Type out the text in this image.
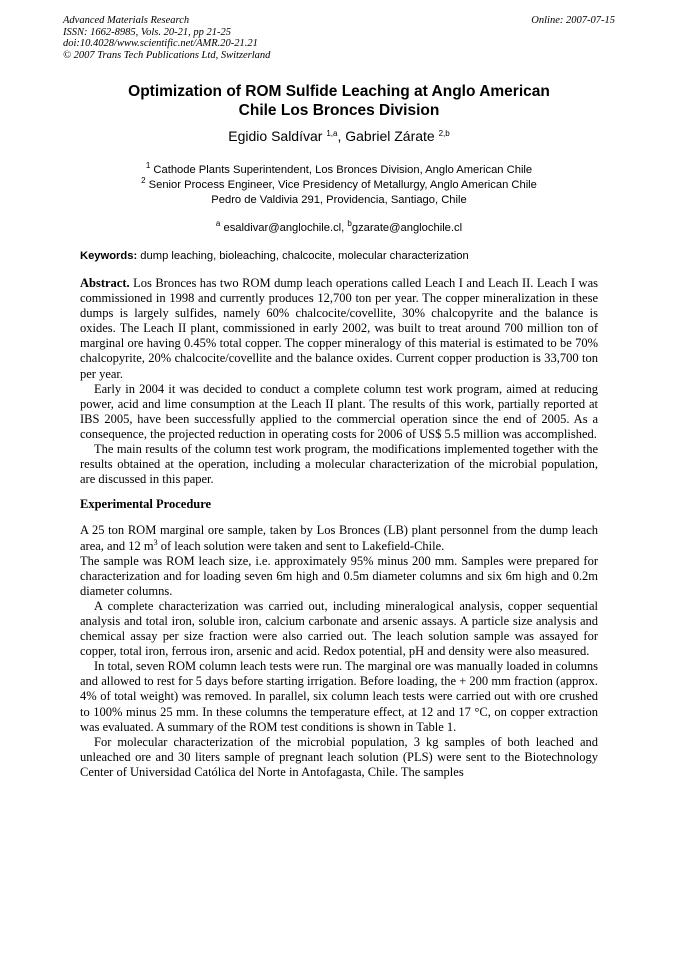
Advanced Materials Research
ISSN: 1662-8985, Vols. 20-21, pp 21-25
doi:10.4028/www.scientific.net/AMR.20-21.21
© 2007 Trans Tech Publications Ltd, Switzerland
Online: 2007-07-15
Optimization of ROM Sulfide Leaching at Anglo American
Chile Los Bronces Division
Egidio Saldívar $^{1,a}$, Gabriel Zárate $^{2,b}$
$^1$ Cathode Plants Superintendent, Los Bronces Division, Anglo American Chile
$^2$ Senior Process Engineer, Vice Presidency of Metallurgy, Anglo American Chile
Pedro de Valdivia 291, Providencia, Santiago, Chile
$^a$ esaldivar@anglochile.cl, $^b$gzarate@anglochile.cl
Keywords: dump leaching, bioleaching, chalcocite, molecular characterization

Abstract. Los Bronces has two ROM dump leach operations called Leach I and Leach II. Leach I was commissioned in 1998 and currently produces 12,700 ton per year. The copper mineralization in these dumps is largely sulfides, namely 60% chalcocite/covellite, 30% chalcopyrite and the balance is oxides. The Leach II plant, commissioned in early 2002, was built to treat around 700 million ton of marginal ore having 0.45% total copper. The copper mineralogy of this material is estimated to be 70% chalcopyrite, 20% chalcocite/covellite and the balance oxides. Current copper production is 33,700 ton per year.

Early in 2004 it was decided to conduct a complete column test work program, aimed at reducing power, acid and lime consumption at the Leach II plant. The results of this work, partially reported at IBS 2005, have been successfully applied to the commercial operation since the end of 2005. As a consequence, the projected reduction in operating costs for 2006 of US$ 5.5 million was accomplished.

The main results of the column test work program, the modifications implemented together with the results obtained at the operation, including a molecular characterization of the microbial population, are discussed in this paper.

Experimental Procedure

A 25 ton ROM marginal ore sample, taken by Los Bronces (LB) plant personnel from the dump leach area, and 12 $m^3$ of leach solution were taken and sent to Lakefield-Chile.

The sample was ROM leach size, i.e. approximately 95% minus 200 mm. Samples were prepared for characterization and for loading seven 6m high and 0.5m diameter columns and six 6m high and 0.2m diameter columns.

A complete characterization was carried out, including mineralogical analysis, copper sequential analysis and total iron, soluble iron, calcium carbonate and arsenic assays. A particle size analysis and chemical assay per size fraction were also carried out. The leach solution sample was assayed for copper, total iron, ferrous iron, arsenic and acid. Redox potential, pH and density were also measured.

In total, seven ROM column leach tests were run. The marginal ore was manually loaded in columns and allowed to rest for 5 days before starting irrigation. Before loading, the + 200 mm fraction (approx. 4% of total weight) was removed. In parallel, six column leach tests were carried out with ore crushed to 100% minus 25 mm. In these columns the temperature effect, at 12 and 17 °C, on copper extraction was evaluated. A summary of the ROM test conditions is shown in Table 1.

For molecular characterization of the microbial population, 3 kg samples of both leached and unleached ore and 30 liters sample of pregnant leach solution (PLS) were sent to the Biotechnology Center of Universidad Católica del Norte in Antofagasta, Chile. The samples
